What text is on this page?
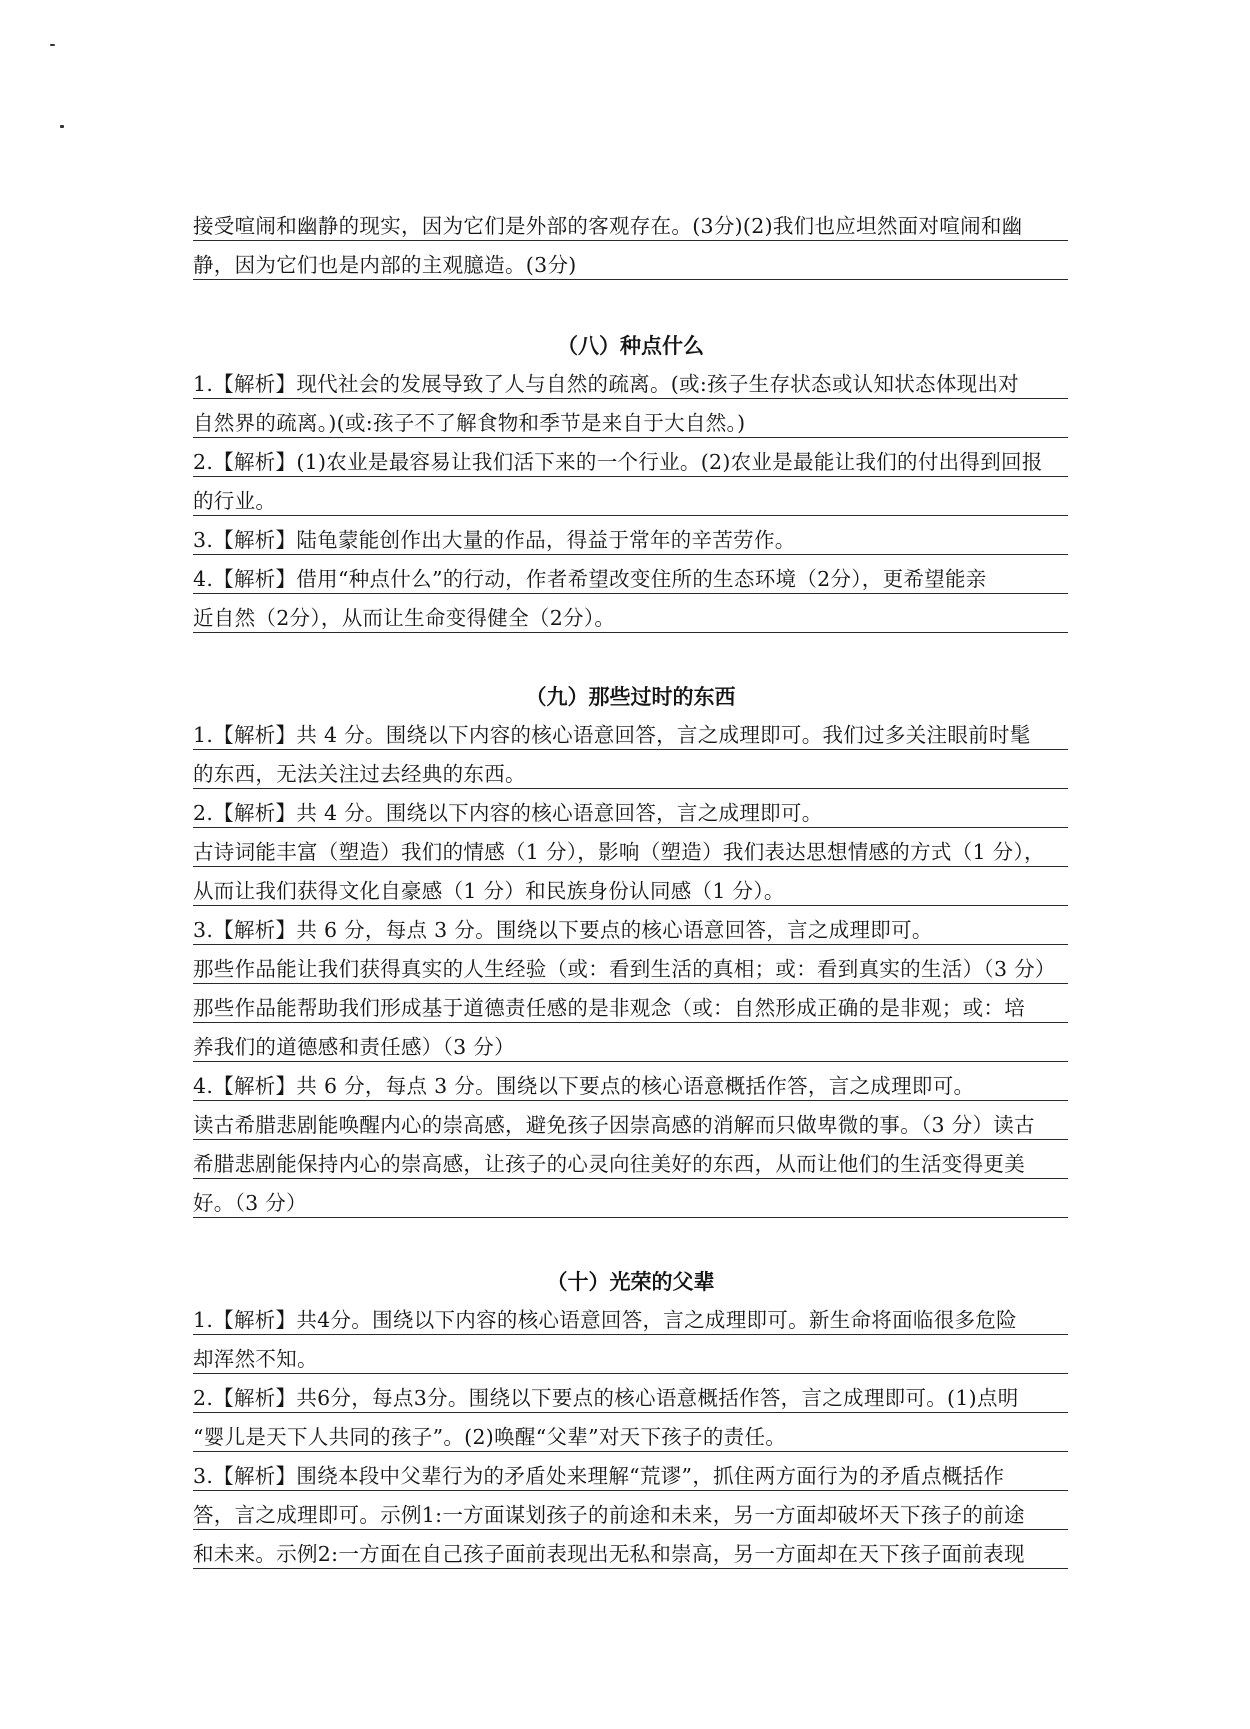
接受喧闹和幽静的现实，因为它们是外部的客观存在。(3分)(2)我们也应坦然面对喧闹和幽
静，因为它们也是内部的主观臆造。(3分)
（八）种点什么
1.【解析】现代社会的发展导致了人与自然的疏离。(或:孩子生存状态或认知状态体现出对
自然界的疏离。)(或:孩子不了解食物和季节是来自于大自然。)
2.【解析】(1)农业是最容易让我们活下来的一个行业。(2)农业是最能让我们的付出得到回报
的行业。
3.【解析】陆龟蒙能创作出大量的作品，得益于常年的辛苦劳作。
4.【解析】借用“种点什么”的行动，作者希望改变住所的生态环境（2分），更希望能亲
近自然（2分），从而让生命变得健全（2分）。
（九）那些过时的东西
1.【解析】共 4 分。围绕以下内容的核心语意回答，言之成理即可。我们过多关注眼前时髦
的东西，无法关注过去经典的东西。
2.【解析】共 4 分。围绕以下内容的核心语意回答，言之成理即可。
古诗词能丰富（塑造）我们的情感（1 分），影响（塑造）我们表达思想情感的方式（1 分），
从而让我们获得文化自豪感（1 分）和民族身份认同感（1 分）。
3.【解析】共 6 分，每点 3 分。围绕以下要点的核心语意回答，言之成理即可。
那些作品能让我们获得真实的人生经验（或：看到生活的真相；或：看到真实的生活）（3 分）
那些作品能帮助我们形成基于道德责任感的是非观念（或：自然形成正确的是非观；或：培
养我们的道德感和责任感）（3 分）
4.【解析】共 6 分，每点 3 分。围绕以下要点的核心语意概括作答，言之成理即可。
读古希腊悲剧能唤醒内心的崇高感，避免孩子因崇高感的消解而只做卑微的事。（3 分）读古
希腊悲剧能保持内心的崇高感，让孩子的心灵向往美好的东西，从而让他们的生活变得更美
好。（3 分）
（十）光荣的父辈
1.【解析】共4分。围绕以下内容的核心语意回答，言之成理即可。新生命将面临很多危险
却浑然不知。
2.【解析】共6分，每点3分。围绕以下要点的核心语意概括作答，言之成理即可。(1)点明
“婴儿是天下人共同的孩子”。(2)唤醒“父辈”对天下孩子的责任。
3.【解析】围绕本段中父辈行为的矛盾处来理解“荒谬”，抓住两方面行为的矛盾点概括作
答，言之成理即可。示例1:一方面谋划孩子的前途和未来，另一方面却破坏天下孩子的前途
和未来。示例2:一方面在自己孩子面前表现出无私和崇高，另一方面却在天下孩子面前表现
